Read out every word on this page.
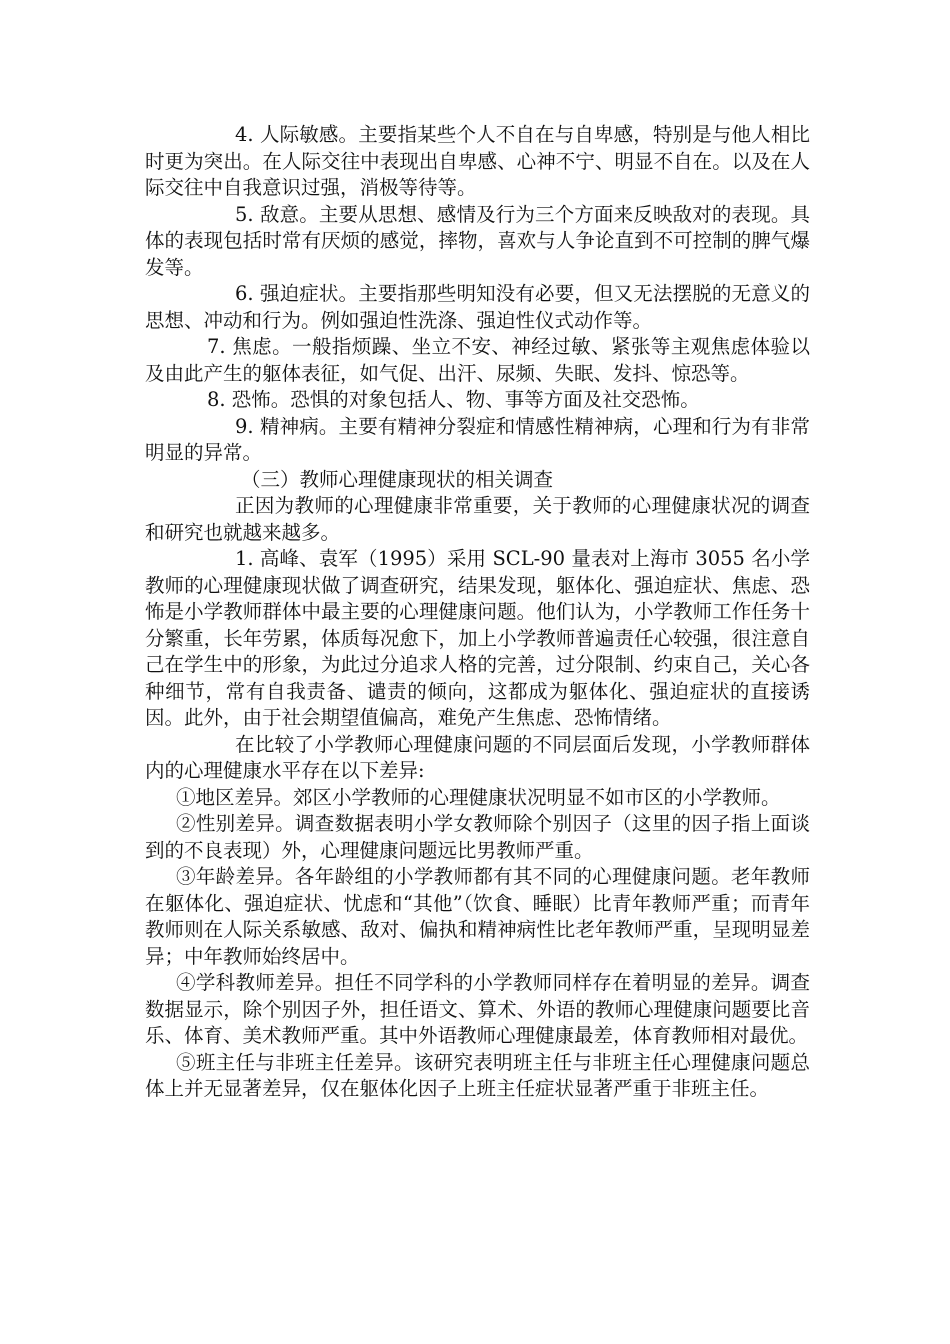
4. 人际敏感。主要指某些个人不自在与自卑感，特别是与他人相比时更为突出。在人际交往中表现出自卑感、心神不宁、明显不自在。以及在人际交往中自我意识过强，消极等待等。

5. 敌意。主要从思想、感情及行为三个方面来反映敌对的表现。具体的表现包括时常有厌烦的感觉，摔物，喜欢与人争论直到不可控制的脾气爆发等。

6. 强迫症状。主要指那些明知没有必要，但又无法摆脱的无意义的思想、冲动和行为。例如强迫性洗涤、强迫性仪式动作等。

7. 焦虑。一般指烦躁、坐立不安、神经过敏、紧张等主观焦虑体验以及由此产生的躯体表征，如气促、出汗、尿频、失眠、发抖、惊恐等。

8. 恐怖。恐惧的对象包括人、物、事等方面及社交恐怖。

9. 精神病。主要有精神分裂症和情感性精神病，心理和行为有非常明显的异常。

（三）教师心理健康现状的相关调查

正因为教师的心理健康非常重要，关于教师的心理健康状况的调查和研究也就越来越多。

1. 高峰、袁军（1995）采用 SCL-90 量表对上海市 3055 名小学教师的心理健康现状做了调查研究，结果发现，躯体化、强迫症状、焦虑、恐怖是小学教师群体中最主要的心理健康问题。他们认为，小学教师工作任务十分繁重，长年劳累，体质每况愈下，加上小学教师普遍责任心较强，很注意自己在学生中的形象，为此过分追求人格的完善，过分限制、约束自己，关心各种细节，常有自我责备、谴责的倾向，这都成为躯体化、强迫症状的直接诱因。此外，由于社会期望值偏高，难免产生焦虑、恐怖情绪。

在比较了小学教师心理健康问题的不同层面后发现，小学教师群体内的心理健康水平存在以下差异:

①地区差异。郊区小学教师的心理健康状况明显不如市区的小学教师。

②性别差异。调查数据表明小学女教师除个别因子（这里的因子指上面谈到的不良表现）外，心理健康问题远比男教师严重。

③年龄差异。各年龄组的小学教师都有其不同的心理健康问题。老年教师在躯体化、强迫症状、忧虑和“其他”（饮食、睡眠）比青年教师严重；而青年教师则在人际关系敏感、敌对、偏执和精神病性比老年教师严重，呈现明显差异；中年教师始终居中。

④学科教师差异。担任不同学科的小学教师同样存在着明显的差异。调查数据显示，除个别因子外，担任语文、算术、外语的教师心理健康问题要比音乐、体育、美术教师严重。其中外语教师心理健康最差，体育教师相对最优。

⑤班主任与非班主任差异。该研究表明班主任与非班主任心理健康问题总体上并无显著差异，仅在躯体化因子上班主任症状显著严重于非班主任。
